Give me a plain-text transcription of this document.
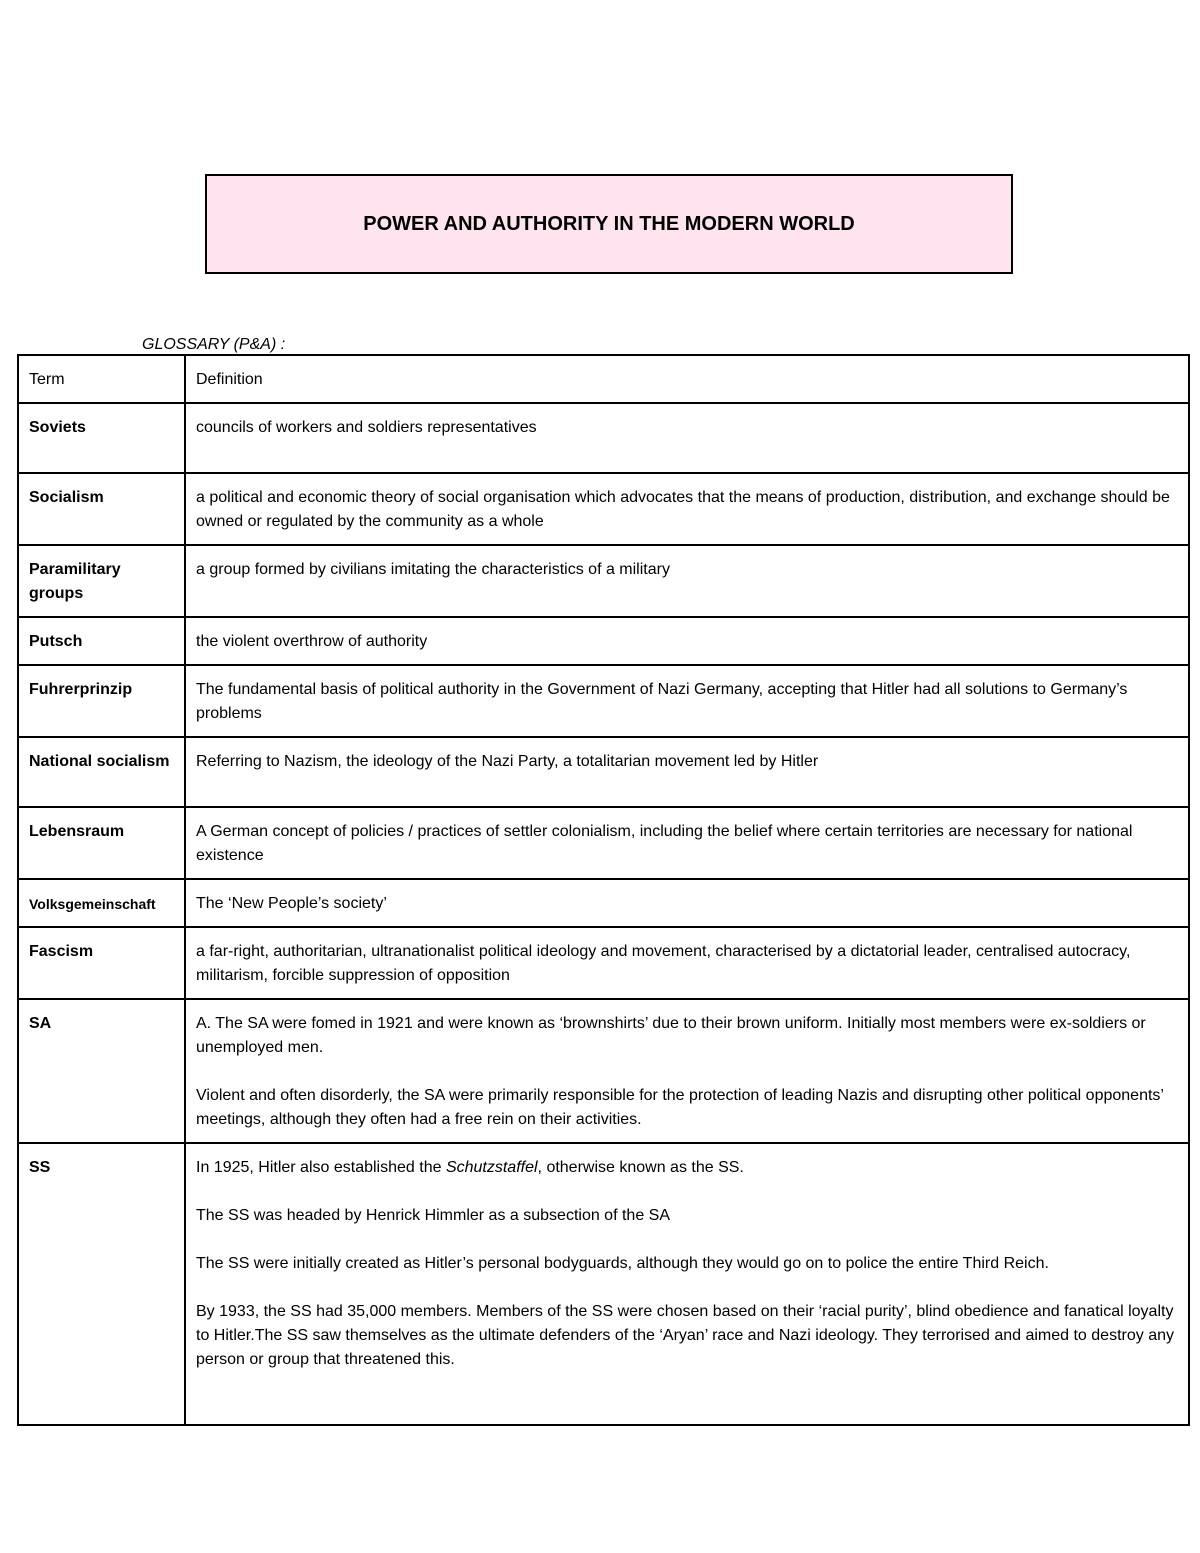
POWER AND AUTHORITY IN THE MODERN WORLD

GLOSSARY (P&A) :

Term	Definition
Soviets	councils of workers and soldiers representatives
Socialism	a political and economic theory of social organisation which advocates that the means of production, distribution, and exchange should be owned or regulated by the community as a whole
Paramilitary groups	a group formed by civilians imitating the characteristics of a military
Putsch	the violent overthrow of authority
Fuhrerprinzip	The fundamental basis of political authority in the Government of Nazi Germany, accepting that Hitler had all solutions to Germany’s problems
National socialism	Referring to Nazism, the ideology of the Nazi Party, a totalitarian movement led by Hitler
Lebensraum	A German concept of policies / practices of settler colonialism, including the belief where certain territories are necessary for national existence
Volksgemeinschaft	The ‘New People’s society’
Fascism	a far-right, authoritarian, ultranationalist political ideology and movement, characterised by a dictatorial leader, centralised autocracy, militarism, forcible suppression of opposition
SA	A. The SA were fomed in 1921 and were known as ‘brownshirts’ due to their brown uniform. Initially most members were ex-soldiers or unemployed men.

Violent and often disorderly, the SA were primarily responsible for the protection of leading Nazis and disrupting other political opponents’ meetings, although they often had a free rein on their activities.

SS	In 1925, Hitler also established the Schutzstaffel, otherwise known as the SS.

The SS was headed by Henrick Himmler as a subsection of the SA

The SS were initially created as Hitler’s personal bodyguards, although they would go on to police the entire Third Reich.

By 1933, the SS had 35,000 members. Members of the SS were chosen based on their ‘racial purity’, blind obedience and fanatical loyalty to Hitler.The SS saw themselves as the ultimate defenders of the ‘Aryan’ race and Nazi ideology. They terrorised and aimed to destroy any person or group that threatened this.
